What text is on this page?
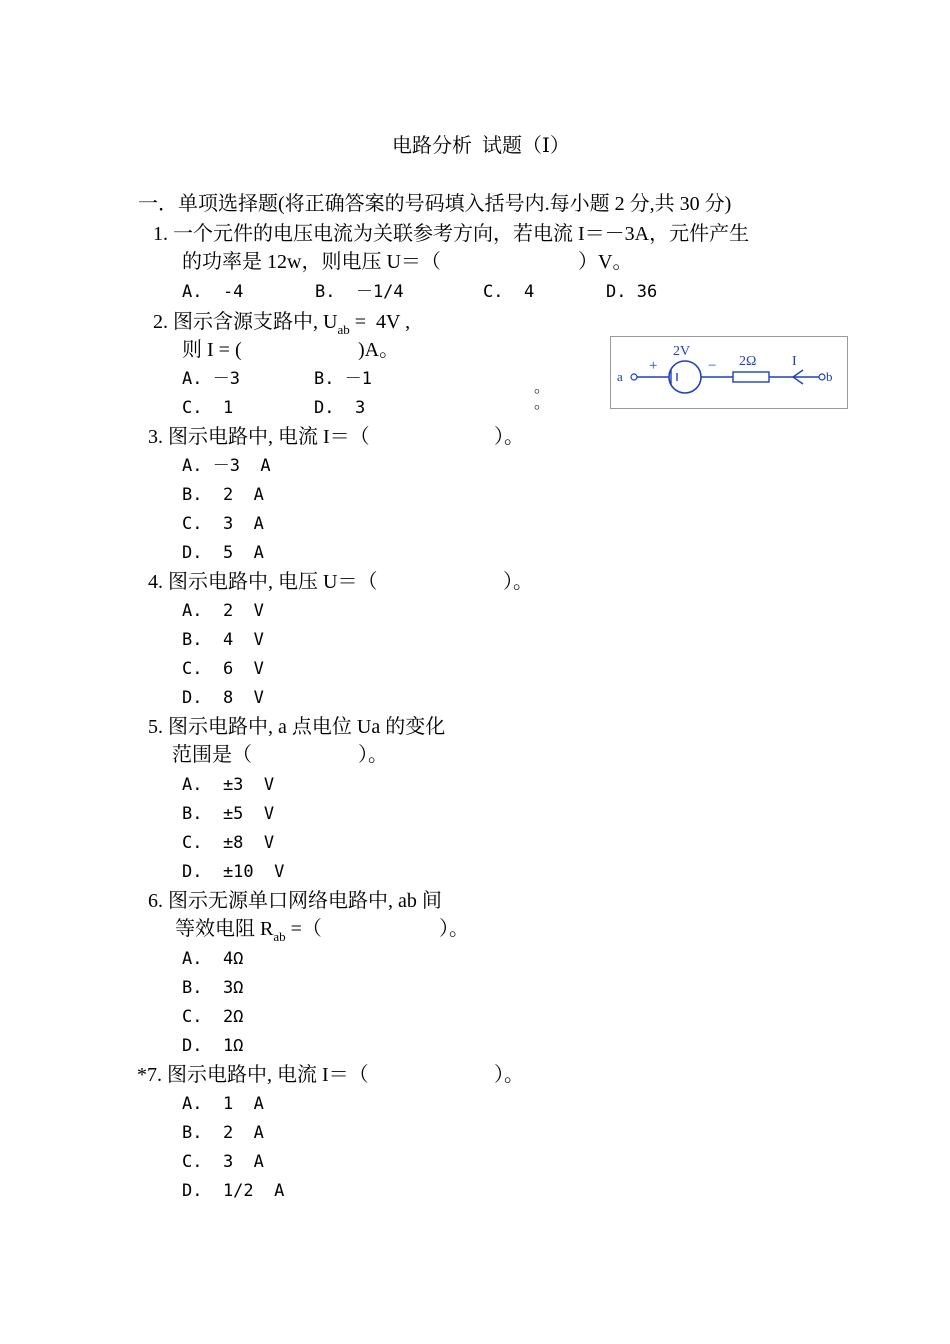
电路分析  试题（Ⅰ）
一．单项选择题(将正确答案的号码填入括号内.每小题 2 分,共 30 分)
1. 一个元件的电压电流为关联参考方向，若电流 I＝－3A，元件产生
的功率是 12w，则电压 U＝（	）V。
A.  -4	B.  －1/4	C.  4	D. 36
2. 图示含源支路中, $U_{ab} = 4V$ ,
则 I = (	)A。
A. －3	B. －1
C.  1	D.  3
。
。
a	b
+	−
2V
2Ω	I
3. 图示电路中, 电流 I＝（	）。
A. －3  A
B.  2  A
C.  3  A
D.  5  A
4. 图示电路中, 电压 U＝（	）。
A.  2  V
B.  4  V
C.  6  V
D.  8  V
5. 图示电路中, a 点电位 Ua 的变化
范围是（	）。
A.  ±3  V
B.  ±5  V
C.  ±8  V
D.  ±10  V
6. 图示无源单口网络电路中, ab 间
等效电阻 $R_{ab}$ =（	）。
A.  4Ω
B.  3Ω
C.  2Ω
D.  1Ω
*7. 图示电路中, 电流 I＝（	）。
A.  1  A
B.  2  A
C.  3  A
D.  1/2  A
